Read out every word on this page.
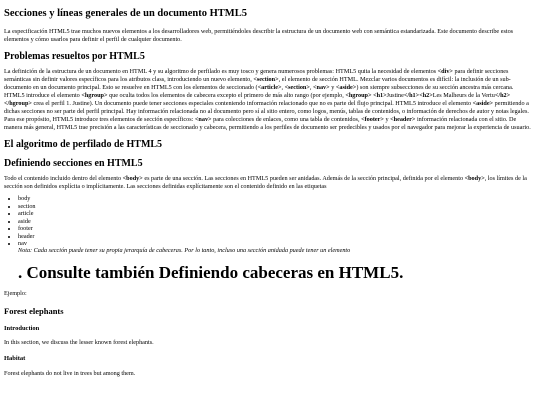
Secciones y líneas generales de un documento HTML5

La especificación HTML5 trae muchos nuevos elementos a los desarrolladores web, permitiéndoles describir la estructura de un documento web con semántica estandarizada. Este documento describe estos elementos y cómo usarlos para definir el perfil de cualquier documento.

Problemas resueltos por HTML5

La definición de la estructura de un documento en HTML 4 y su algoritmo de perfilado es muy tosco y genera numerosos problemas: HTML5 quita la necesidad de elementos <div> para definir secciones semánticas sin definir valores específicos para los atributos class, introduciendo un nuevo elemento, <section>, el elemento de sección HTML. Mezclar varios documentos es difícil: la inclusión de un sub-documento en un documento principal. Esto se resuelve en HTML5 con los elementos de seccionado (<article>, <section>, <nav> y <aside>) son siempre subsecciones de su sección ancestra más cercana. HTML5 introduce el elemento <hgroup> que oculta todos los elementos de cabecera excepto el primero de más alto rango (por ejemplo, <hgroup> <h1>Justine</h1><h2>Les Malheurs de la Vertu</h2></hgroup> crea el perfil 1. Justine). Un documento puede tener secciones especiales conteniendo información relacionado que no es parte del flujo principal. HTML5 introduce el elemento <aside> permitiendo a dichas secciones no ser parte del perfil principal. Hay información relacionada no al documento pero sí al sitio entero, como logos, menús, tablas de contenidos, o información de derechos de autor y notas legales. Para ese propósito, HTML5 introduce tres elementos de sección específicos: <nav> para colecciones de enlaces, como una tabla de contenidos, <footer> y <header> información relacionada con el sitio. De manera más general, HTML5 trae precisión a las características de seccionado y cabecera, permitiendo a los perfiles de documento ser predecibles y usados por el navegador para mejorar la experiencia de usuario.

El algoritmo de perfilado de HTML5
Definiendo secciones en HTML5

Todo el contenido incluido dentro del elemento <body> es parte de una sección. Las secciones en HTML5 pueden ser anidadas. Además de la sección principal, definida por el elemento <body>, los límites de la sección son definidos explícita o implícitamente. Las secciones definidas explícitamente son el contenido definido en las etiquetas

• body
• section
• article
• aside
• footer
• header
• nav
Nota: Cada sección puede tener su propia jerarquía de cabeceras. Por lo tanto, incluso una sección anidada puede tener un elemento
. Consulte también Definiendo cabeceras en HTML5.

Ejemplo:

Forest elephants
Introduction

In this section, we discuss the lesser known forest elephants.

Habitat

Forest elephants do not live in trees but among them.
